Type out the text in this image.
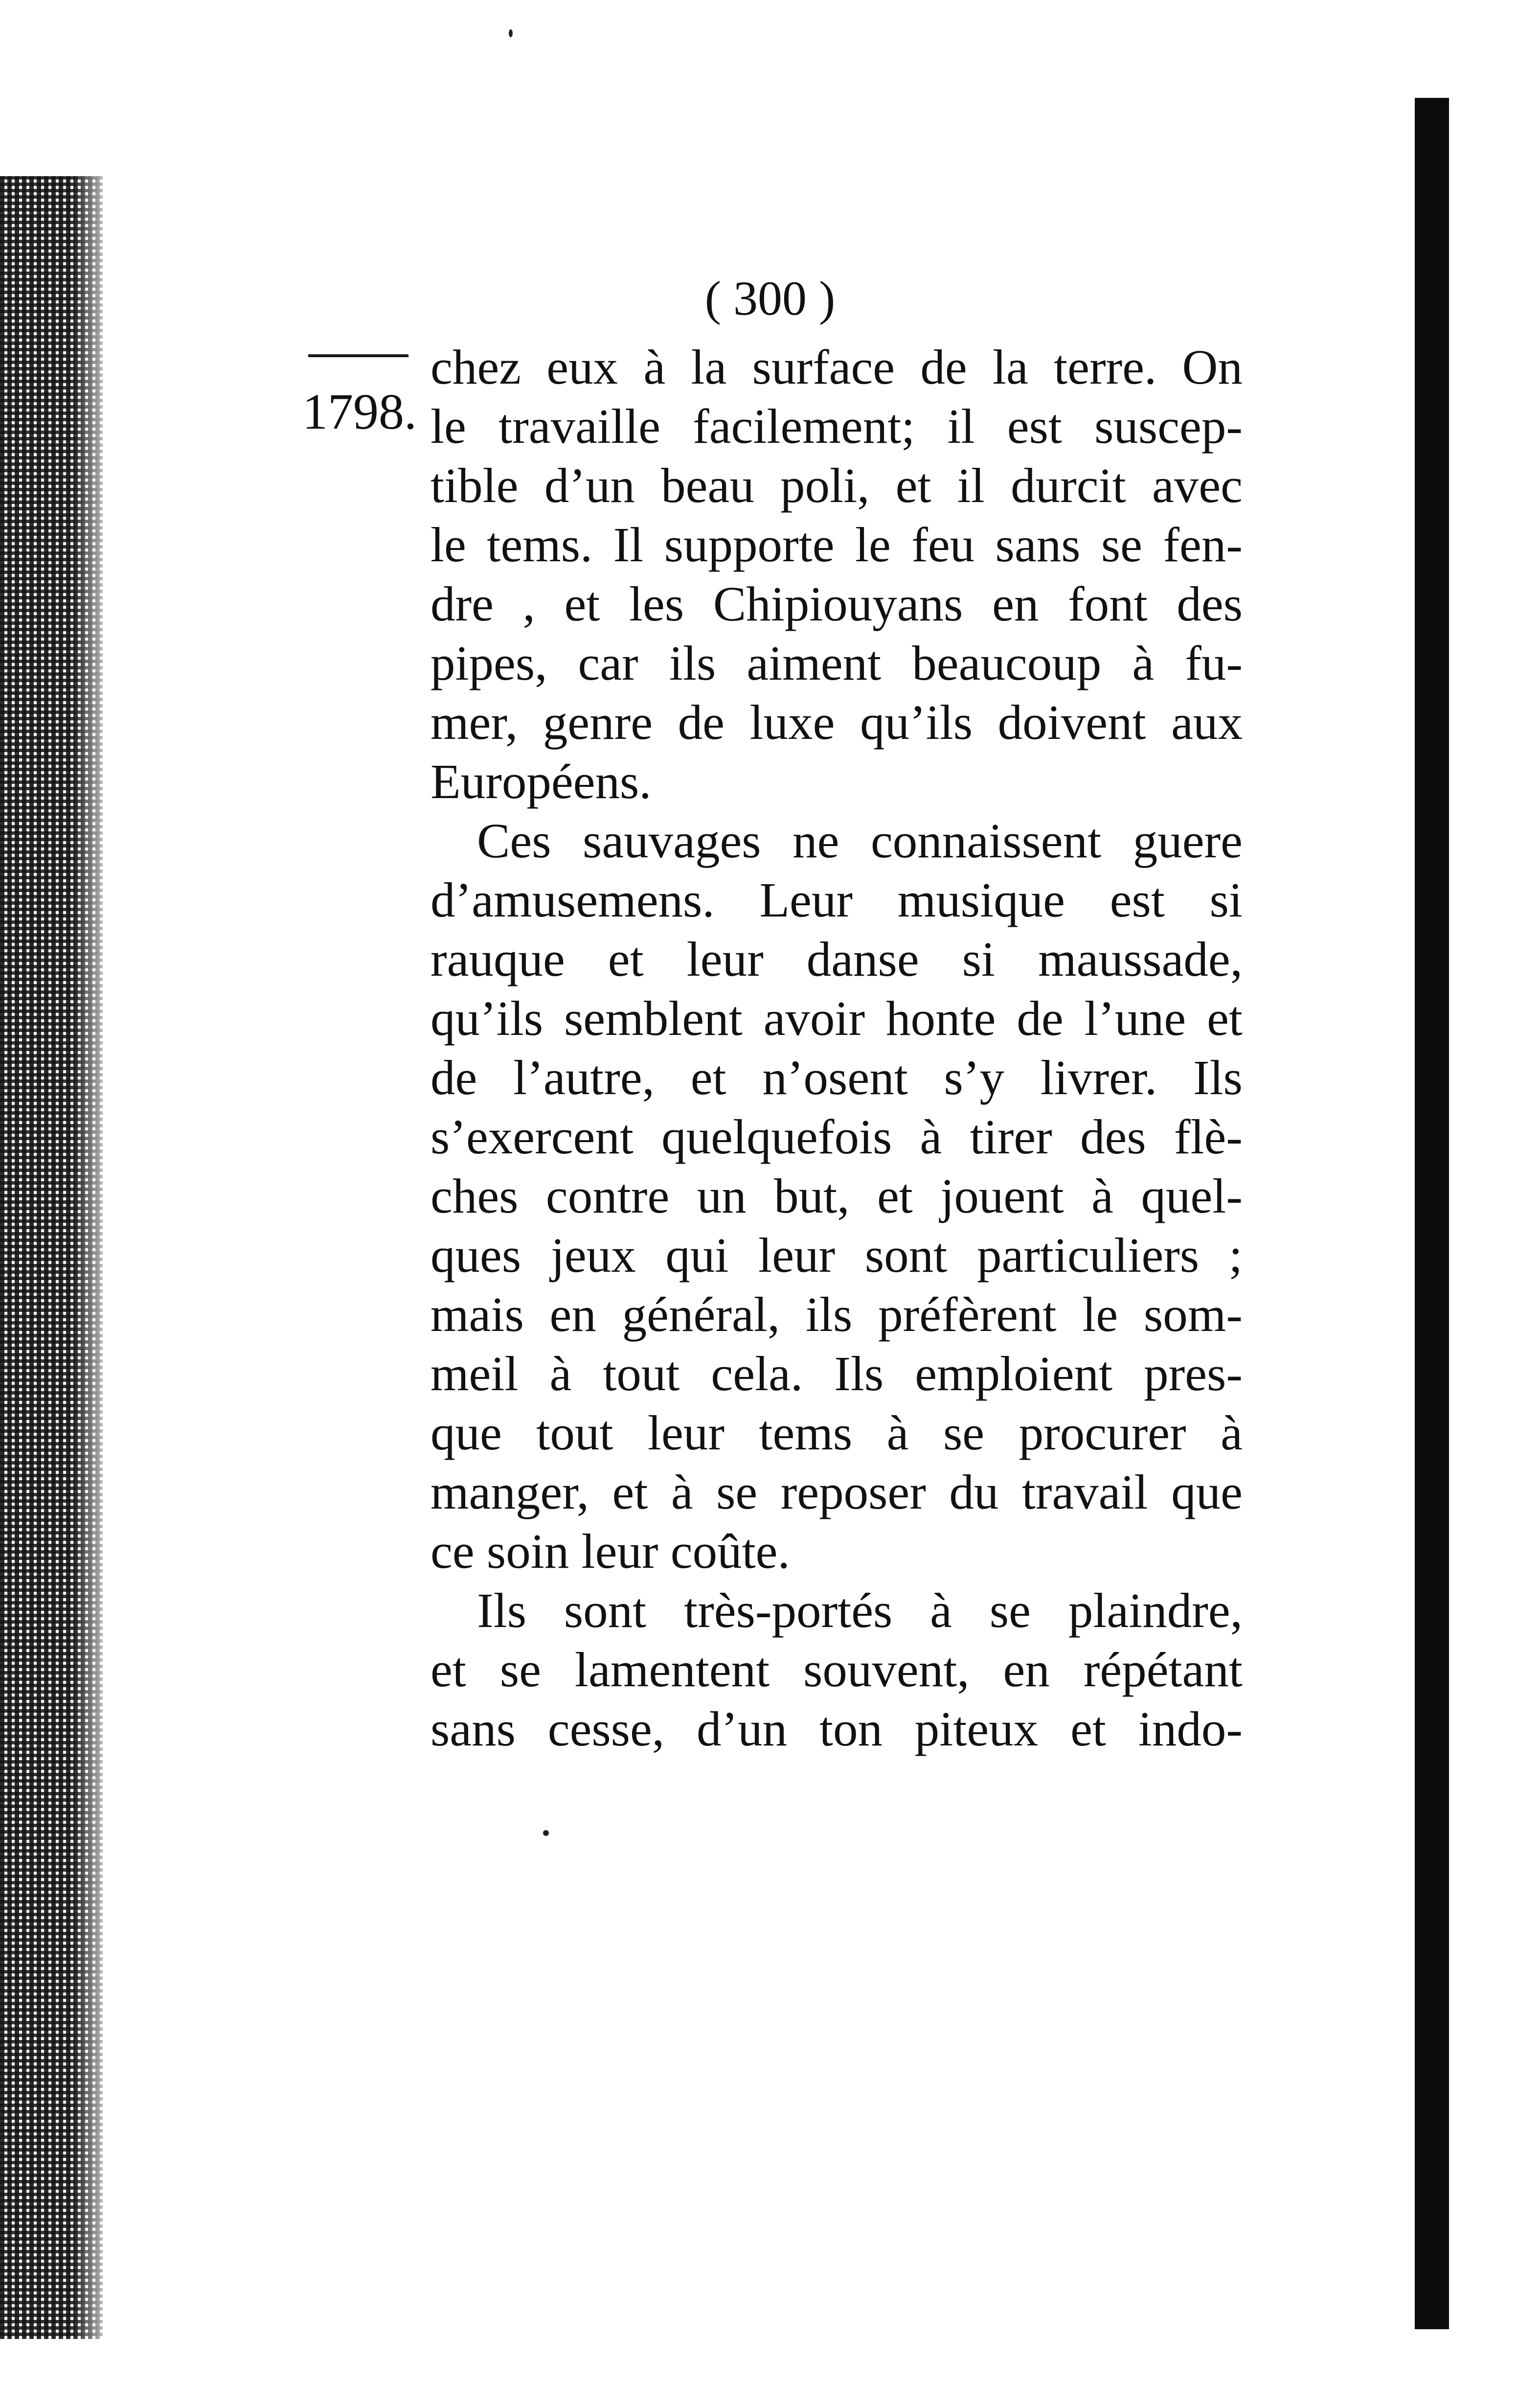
( 300 )
1798.
chez eux à la surface de la terre. On
le travaille facilement; il est suscep-
tible d’un beau poli, et il durcit avec
le tems. Il supporte le feu sans se fen-
dre , et les Chipiouyans en font des
pipes, car ils aiment beaucoup à fu-
mer, genre de luxe qu’ils doivent aux
Européens.
Ces sauvages ne connaissent guere
d’amusemens. Leur musique est si
rauque et leur danse si maussade,
qu’ils semblent avoir honte de l’une et
de l’autre, et n’osent s’y livrer. Ils
s’exercent quelquefois à tirer des flè-
ches contre un but, et jouent à quel-
ques jeux qui leur sont particuliers ;
mais en général, ils préfèrent le som-
meil à tout cela. Ils emploient pres-
que tout leur tems à se procurer à
manger, et à se reposer du travail que
ce soin leur coûte.
Ils sont très-portés à se plaindre,
et se lamentent souvent, en répétant
sans cesse, d’un ton piteux et indo-
